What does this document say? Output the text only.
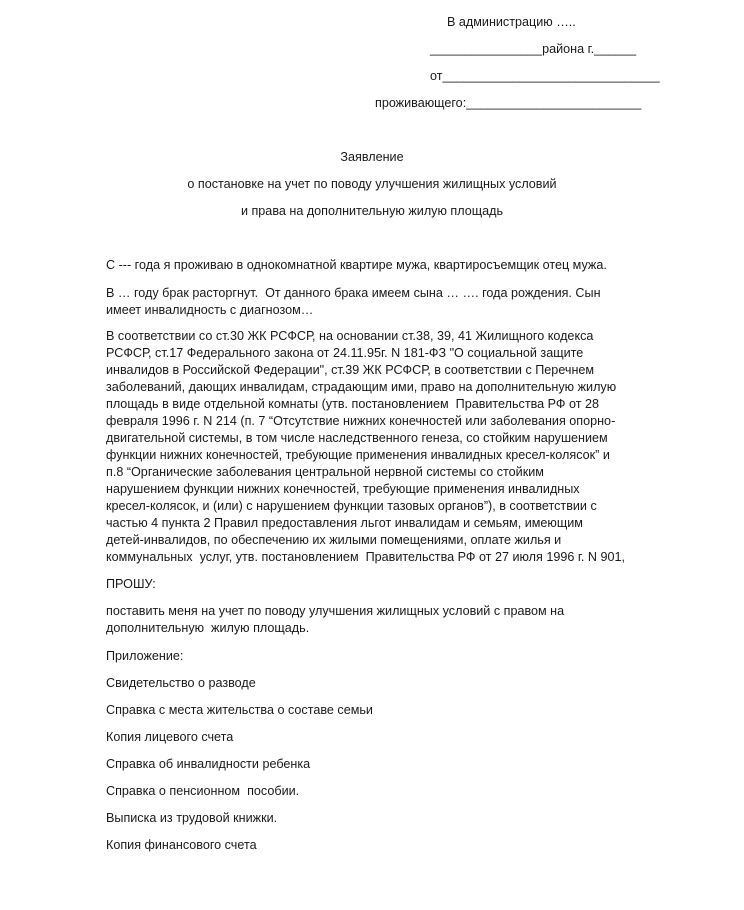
В администрацию …..
________________района г.______
от_______________________________
проживающего:_________________________
Заявление
о постановке на учет по поводу улучшения жилищных условий
и права на дополнительную жилую площадь
С --- года я проживаю в однокомнатной квартире мужа, квартиросъемщик отец мужа.
В … году брак расторгнут.  От данного брака имеем сына … …. года рождения. Сын
имеет инвалидность с диагнозом…
В соответствии со ст.30 ЖК РСФСР, на основании ст.38, 39, 41 Жилищного кодекса
РСФСР, ст.17 Федерального закона от 24.11.95г. N 181-ФЗ "О социальной защите
инвалидов в Российской Федерации", ст.39 ЖК РСФСР, в соответствии с Перечнем
заболеваний, дающих инвалидам, страдающим ими, право на дополнительную жилую
площадь в виде отдельной комнаты (утв. постановлением  Правительства РФ от 28
февраля 1996 г. N 214 (п. 7 “Отсутствие нижних конечностей или заболевания опорно-
двигательной системы, в том числе наследственного генеза, со стойким нарушением
функции нижних конечностей, требующие применения инвалидных кресел-колясок” и
п.8 “Органические заболевания центральной нервной системы со стойким
нарушением функции нижних конечностей, требующие применения инвалидных
кресел-колясок, и (или) с нарушением функции тазовых органов”), в соответствии с
частью 4 пункта 2 Правил предоставления льгот инвалидам и семьям, имеющим
детей-инвалидов, по обеспечению их жилыми помещениями, оплате жилья и
коммунальных  услуг, утв. постановлением  Правительства РФ от 27 июля 1996 г. N 901,
ПРОШУ:
поставить меня на учет по поводу улучшения жилищных условий с правом на
дополнительную  жилую площадь.
Приложение:
Свидетельство о разводе
Справка с места жительства о составе семьи
Копия лицевого счета
Справка об инвалидности ребенка
Справка о пенсионном  пособии.
Выписка из трудовой книжки.
Копия финансового счета
